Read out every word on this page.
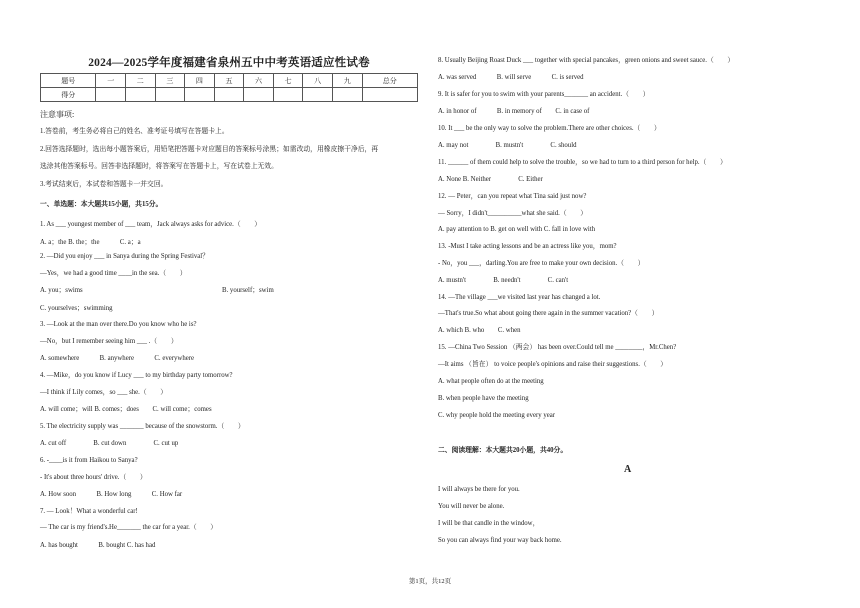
2024—2025学年度福建省泉州五中中考英语适应性试卷
题号	一	二	三	四	五	六	七	八	九	总分
得分										
注意事项:
1.答卷前，考生务必将自己的姓名、准考证号填写在答题卡上。
2.回答选择题时，选出每小题答案后，用铅笔把答题卡对应题目的答案标号涂黑；如需改动，用橡皮擦干净后，再
选涂其他答案标号。回答非选择题时，将答案写在答题卡上，写在试卷上无效。
3.考试结束后，本试卷和答题卡一并交回。
一、单选题：本大题共15小题，共15分。
1. As ___ youngest member of ___ team，Jack always asks for advice.（　　）
A. a；the B. the；the　　　C. a；a
2. —Did you enjoy ___ in Sanya during the Spring Festival？
—Yes，we had a good time ____in the sea.（　　）
A. you；swims
C. yourselves；swimming
3. —Look at the man over there.Do you know who he is?
—No，but I remember seeing him ___ .（　　）
A. somewhere　　　B. anywhere　　　C. everywhere
4. —Mike，do you know if Lucy ___ to my birthday party tomorrow?
—I think if Lily comes，so ___ she.（　　）
A. will come；will B. comes；does　　C. will come；comes
5. The electricity supply was _______ because of the snowstorm.（　　）
A. cut off　　　　B. cut down　　　　C. cut up
6. -____is it from Haikou to Sanya?
- It's about three hours' drive.（　　）
A. How soon　　　B. How long　　　C. How far
7. — Look！What a wonderful car!
— The car is my friend's.He_______ the car for a year.（　　）
A. has bought　　　B. bought C. has had
B. yourself；swim
8. Usually Beijing Roast Duck ___ together with special pancakes，green onions and sweet sauce.（　　）
A. was served　　　B. will serve　　　C. is served
9. It is safer for you to swim with your parents_______ an accident.（　　）
A. in honor of　　　B. in memory of　　C. in case of
10. It ___ be the only way to solve the problem.There are other choices.（　　）
A. may not　　　　B. mustn't　　　　C. should
11. ______ of them could help to solve the trouble，so we had to turn to a third person for help.（　　）
A. None B. Neither　　　　C. Either
12. — Peter，can you repeat what Tina said just now?
— Sorry，I didn't__________what she said.（　　）
A. pay attention to B. get on well with C. fall in love with
13. -Must I take acting lessons and be an actress like you，mom?
- No，you ___，darling.You are free to make your own decision.（　　）
A. mustn't　　　　B. needn't　　　　C. can't
14. —The village ___we visited last year has changed a lot.
—That's true.So what about going there again in the summer vacation?（　　）
A. which B. who　　C. when
15. —China Two Session （两会） has been over.Could tell me ________，Mr.Chen?
—It aims （旨在） to voice people's opinions and raise their suggestions.（　　）
A. what people often do at the meeting
B. when people have the meeting
C. why people hold the meeting every year
二、阅读理解：本大题共20小题，共40分。
A
I will always be there for you.
You will never be alone.
I will be that candle in the window，
So you can always find your way back home.
第1页，共12页
